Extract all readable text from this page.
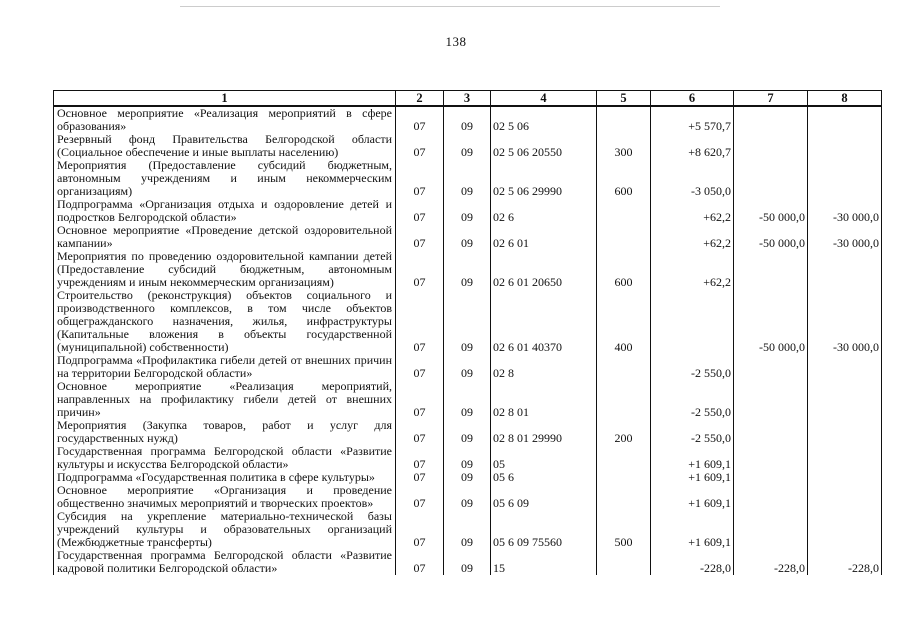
138
1	2	3	4	5	6	7	8
Основное мероприятие «Реализация мероприятий в сфере образования»	07	09	02 5 06		+5 570,7		
Резервный фонд Правительства Белгородской области (Социальное обеспечение и иные выплаты населению)	07	09	02 5 06 20550	300	+8 620,7		
Мероприятия (Предоставление субсидий бюджетным, автономным учреждениям и иным некоммерческим организациям)	07	09	02 5 06 29990	600	-3 050,0		
Подпрограмма «Организация отдыха и оздоровление детей и подростков Белгородской области»	07	09	02 6		+62,2	-50 000,0	-30 000,0
Основное мероприятие «Проведение детской оздоровительной кампании»	07	09	02 6 01		+62,2	-50 000,0	-30 000,0
Мероприятия по проведению оздоровительной кампании детей (Предоставление субсидий бюджетным, автономным учреждениям и иным некоммерческим организациям)	07	09	02 6 01 20650	600	+62,2		
Строительство (реконструкция) объектов социального и производственного комплексов, в том числе объектов общегражданского назначения, жилья, инфраструктуры (Капитальные вложения в объекты государственной (муниципальной) собственности)	07	09	02 6 01 40370	400		-50 000,0	-30 000,0
Подпрограмма «Профилактика гибели детей от внешних причин на территории Белгородской области»	07	09	02 8		-2 550,0		
Основное мероприятие «Реализация мероприятий, направленных на профилактику гибели детей от внешних причин»	07	09	02 8 01		-2 550,0		
Мероприятия (Закупка товаров, работ и услуг для государственных нужд)	07	09	02 8 01 29990	200	-2 550,0		
Государственная программа Белгородской области «Развитие культуры и искусства Белгородской области»	07	09	05		+1 609,1		
Подпрограмма «Государственная политика в сфере культуры»	07	09	05 6		+1 609,1		
Основное мероприятие «Организация и проведение общественно значимых мероприятий и творческих проектов»	07	09	05 6 09		+1 609,1		
Субсидия на укрепление материально-технической базы учреждений культуры и образовательных организаций (Межбюджетные трансферты)	07	09	05 6 09 75560	500	+1 609,1		
Государственная программа Белгородской области «Развитие кадровой политики Белгородской области»	07	09	15		-228,0	-228,0	-228,0
